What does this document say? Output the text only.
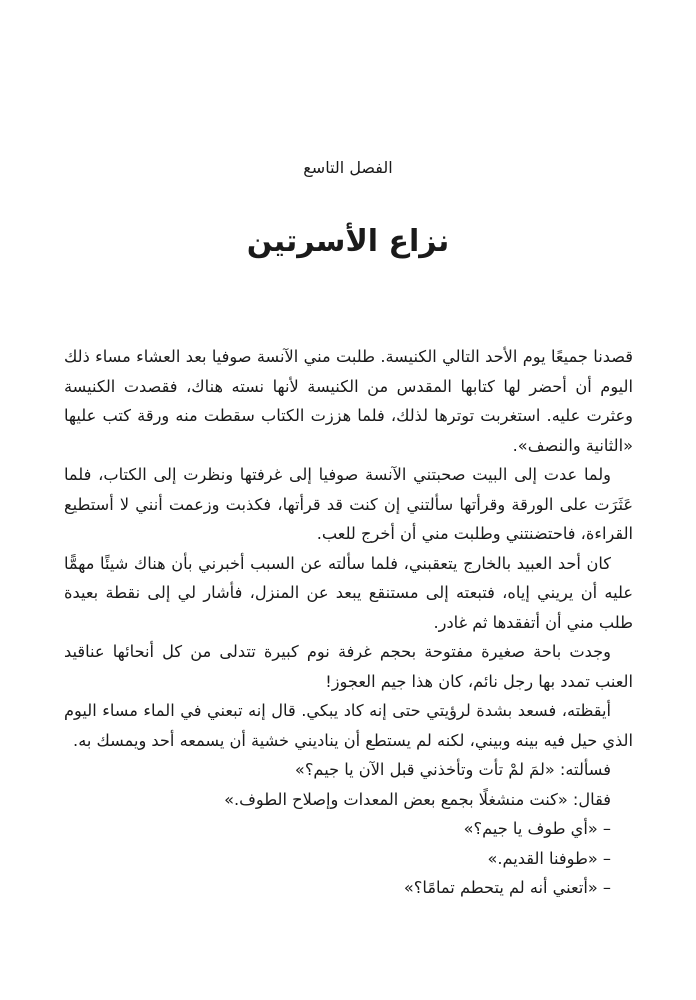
الفصل التاسع
نزاع الأسرتين

قصدنا جميعًا يوم الأحد التالي الكنيسة. طلبت مني الآنسة صوفيا بعد العشاء مساء ذلك اليوم أن أحضر لها كتابها المقدس من الكنيسة لأنها نسته هناك، فقصدت الكنيسة وعثرت عليه. استغربت توترها لذلك، فلما هززت الكتاب سقطت منه ورقة كتب عليها «الثانية والنصف».

ولما عدت إلى البيت صحبتني الآنسة صوفيا إلى غرفتها ونظرت إلى الكتاب، فلما عَثَرَت على الورقة وقرأتها سألتني إن كنت قد قرأتها، فكذبت وزعمت أنني لا أستطيع القراءة، فاحتضنتني وطلبت مني أن أخرج للعب.

كان أحد العبيد بالخارج يتعقبني، فلما سألته عن السبب أخبرني بأن هناك شيئًا مهمًّا عليه أن يريني إياه، فتبعته إلى مستنقع يبعد عن المنزل، فأشار لي إلى نقطة بعيدة طلب مني أن أتفقدها ثم غادر.

وجدت باحة صغيرة مفتوحة بحجم غرفة نوم كبيرة تتدلى من كل أنحائها عناقيد العنب تمدد بها رجل نائم، كان هذا جيم العجوز!

أيقظته، فسعد بشدة لرؤيتي حتى إنه كاد يبكي. قال إنه تبعني في الماء مساء اليوم الذي حيل فيه بينه وبيني، لكنه لم يستطع أن يناديني خشية أن يسمعه أحد ويمسك به.

فسألته: «لمَ لمْ تأت وتأخذني قبل الآن يا جيم؟»

فقال: «كنت منشغلًا بجمع بعض المعدات وإصلاح الطوف.»

– «أي طوف يا جيم؟»

– «طوفنا القديم.»

– «أتعني أنه لم يتحطم تمامًا؟»
